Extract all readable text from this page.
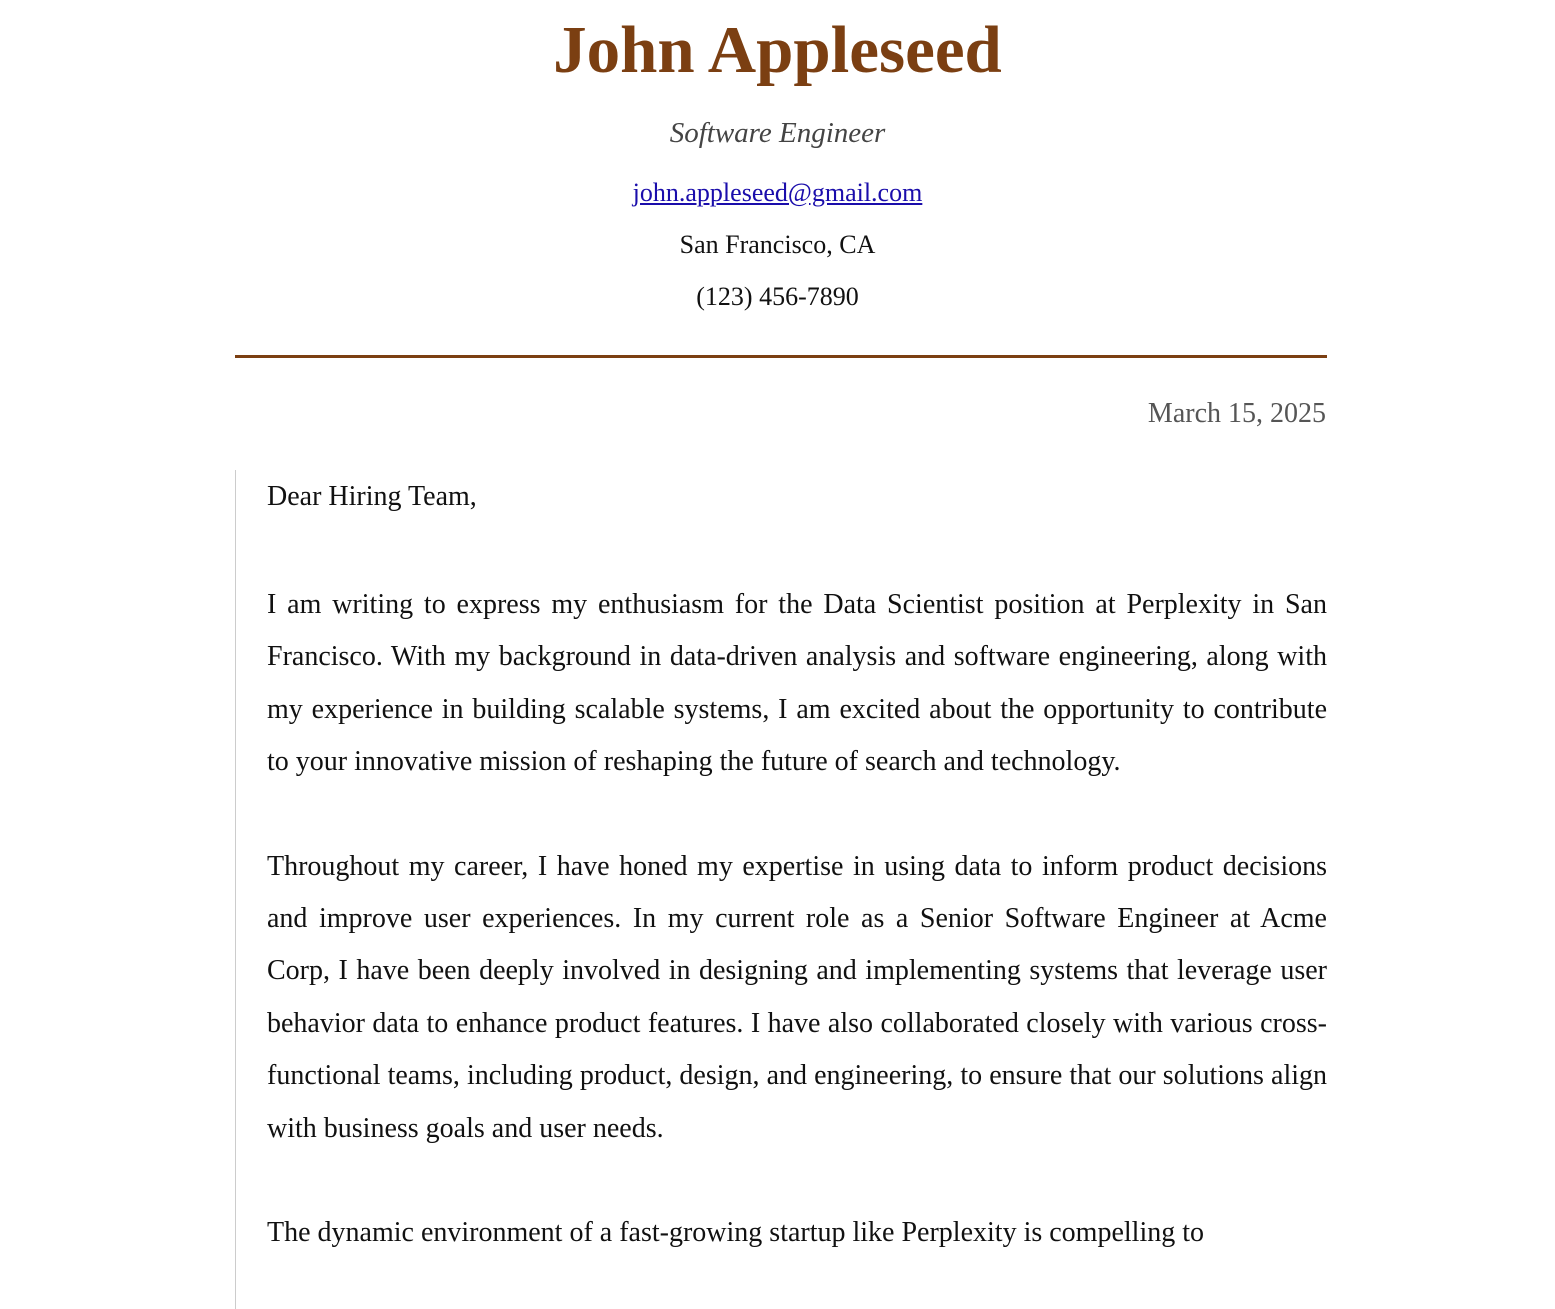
John Appleseed

Software Engineer

john.appleseed@gmail.com
San Francisco, CA
(123) 456-7890
March 15, 2025

Dear Hiring Team,

I am writing to express my enthusiasm for the Data Scientist position at Perplexity in San Francisco. With my background in data-driven analysis and software engineering, along with my experience in building scalable systems, I am excited about the opportunity to contribute to your innovative mission of reshaping the future of search and technology.

Throughout my career, I have honed my expertise in using data to inform product decisions and improve user experiences. In my current role as a Senior Software Engineer at Acme Corp, I have been deeply involved in designing and implementing systems that leverage user behavior data to enhance product features. I have also collaborated closely with various cross-functional teams, including product, design, and engineering, to ensure that our solutions align with business goals and user needs.

The dynamic environment of a fast-growing startup like Perplexity is compelling to
